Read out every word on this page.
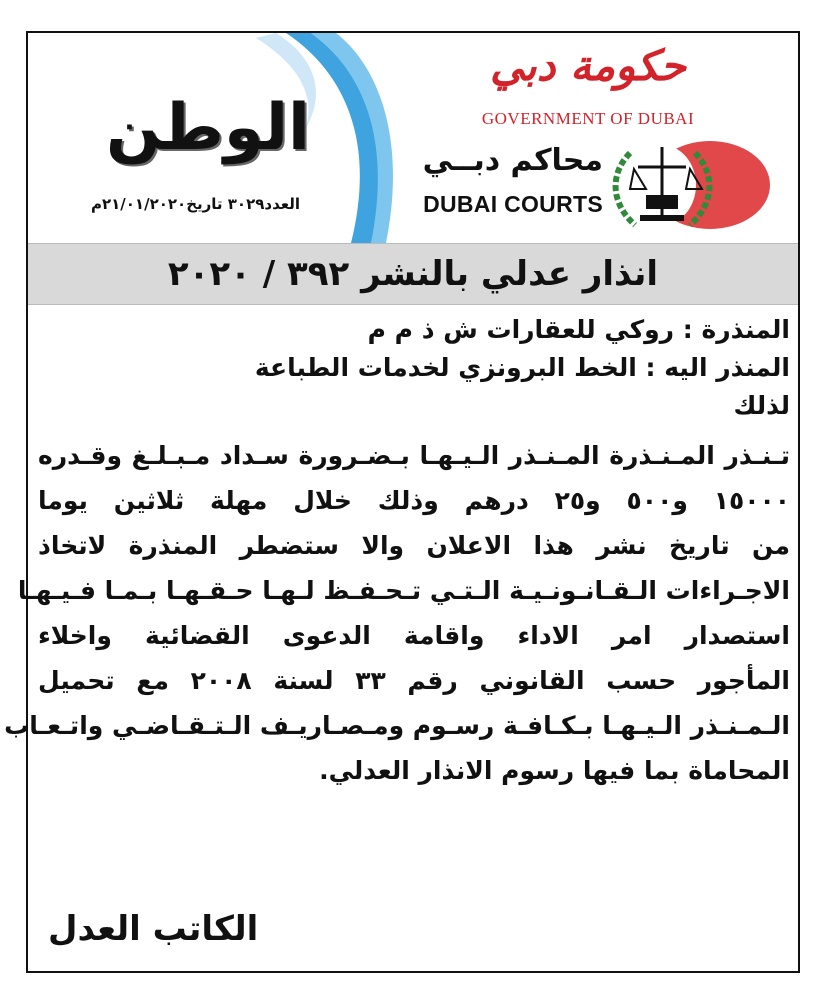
الوطن
العدد٣٠٢٩ تاريخ٢١/٠١/٢٠٢٠م
حكومة دبي
GOVERNMENT OF DUBAI
محاكم دبــي
DUBAI COURTS
انذار عدلي بالنشر ٣٩٢ / ٢٠٢٠
المنذرة : روكي للعقارات ش ذ م م
المنذر اليه : الخط البرونزي لخدمات الطباعة
لذلك
تـنـذر المـنـذرة المـنـذر الـيـهـا بـضـرورة سـداد مـبـلـغ وقـدره
١٥٠٠٠ و٥٠٠ و٢٥ درهم وذلك خلال مهلة ثلاثين يوما
من تاريخ نشر هذا الاعلان والا ستضطر المنذرة لاتخاذ
الاجـراءات الـقـانـونـيـة الـتـي تـحـفـظ لـهـا حـقـهـا بـمـا فـيـهـا
استصدار امر الاداء واقامة الدعوى القضائية واخلاء
المأجور حسب القانوني رقم ٣٣ لسنة ٢٠٠٨ مع تحميل
الـمـنـذر الـيـهـا بـكـافـة رسـوم ومـصـاريـف الـتـقـاضـي واتـعـاب
المحاماة بما فيها رسوم الانذار العدلي.
الكاتب العدل
